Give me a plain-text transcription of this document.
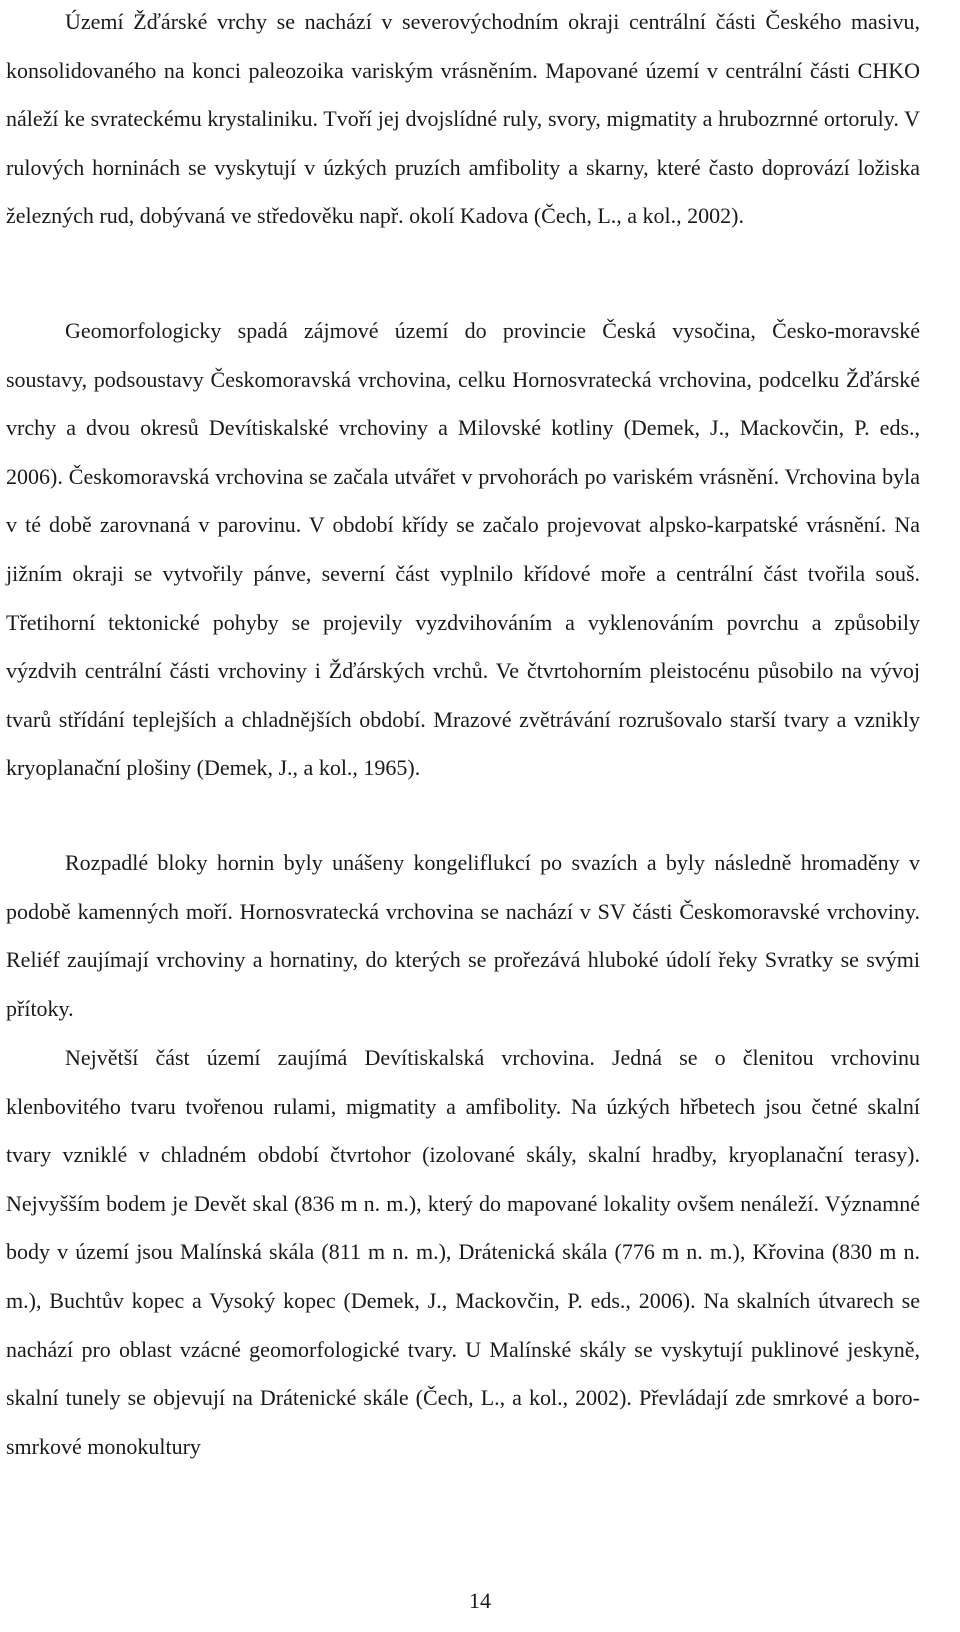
Území Žďárské vrchy se nachází v severovýchodním okraji centrální části Českého masivu, konsolidovaného na konci paleozoika variským vrásněním. Mapované území v centrální části CHKO náleží ke svrateckému krystaliniku. Tvoří jej dvojslídné ruly, svory, migmatity a hrubozrnné ortoruly. V rulových horninách se vyskytují v úzkých pruzích amfibolity a skarny, které často doprovází ložiska železných rud, dobývaná ve středověku např. okolí Kadova (Čech, L., a kol., 2002).

Geomorfologicky spadá zájmové území do provincie Česká vysočina, Česko-moravské soustavy, podsoustavy Českomoravská vrchovina, celku Hornosvratecká vrchovina, podcelku Žďárské vrchy a dvou okresů Devítiskalské vrchoviny a Milovské kotliny (Demek, J., Mackovčin, P. eds., 2006). Českomoravská vrchovina se začala utvářet v prvohorách po variském vrásnění. Vrchovina byla v té době zarovnaná v parovinu. V období křídy se začalo projevovat alpsko-karpatské vrásnění. Na jižním okraji se vytvořily pánve, severní část vyplnilo křídové moře a centrální část tvořila souš. Třetihorní tektonické pohyby se projevily vyzdvihováním a vyklenováním povrchu a způsobily výzdvih centrální části vrchoviny i Žďárských vrchů. Ve čtvrtohorním pleistocénu působilo na vývoj tvarů střídání teplejších a chladnějších období. Mrazové zvětrávání rozrušovalo starší tvary a vznikly kryoplanační plošiny (Demek, J., a kol., 1965).

Rozpadlé bloky hornin byly unášeny kongeliflukcí po svazích a byly následně hromaděny v podobě kamenných moří. Hornosvratecká vrchovina se nachází v SV části Českomoravské vrchoviny. Reliéf zaujímají vrchoviny a hornatiny, do kterých se prořezává hluboké údolí řeky Svratky se svými přítoky.

Největší část území zaujímá Devítiskalská vrchovina. Jedná se o členitou vrchovinu klenbovitého tvaru tvořenou rulami, migmatity a amfibolity. Na úzkých hřbetech jsou četné skalní tvary vzniklé v chladném období čtvrtohor (izolované skály, skalní hradby, kryoplanační terasy). Nejvyšším bodem je Devět skal (836 m n. m.), který do mapované lokality ovšem nenáleží. Významné body v území jsou Malínská skála (811 m n. m.), Drátenická skála (776 m n. m.), Křovina (830 m n. m.), Buchtův kopec a Vysoký kopec (Demek, J., Mackovčin, P. eds., 2006). Na skalních útvarech se nachází pro oblast vzácné geomorfologické tvary. U Malínské skály se vyskytují puklinové jeskyně, skalní tunely se objevují na Drátenické skále (Čech, L., a kol., 2002). Převládají zde smrkové a boro-smrkové monokultury

14
